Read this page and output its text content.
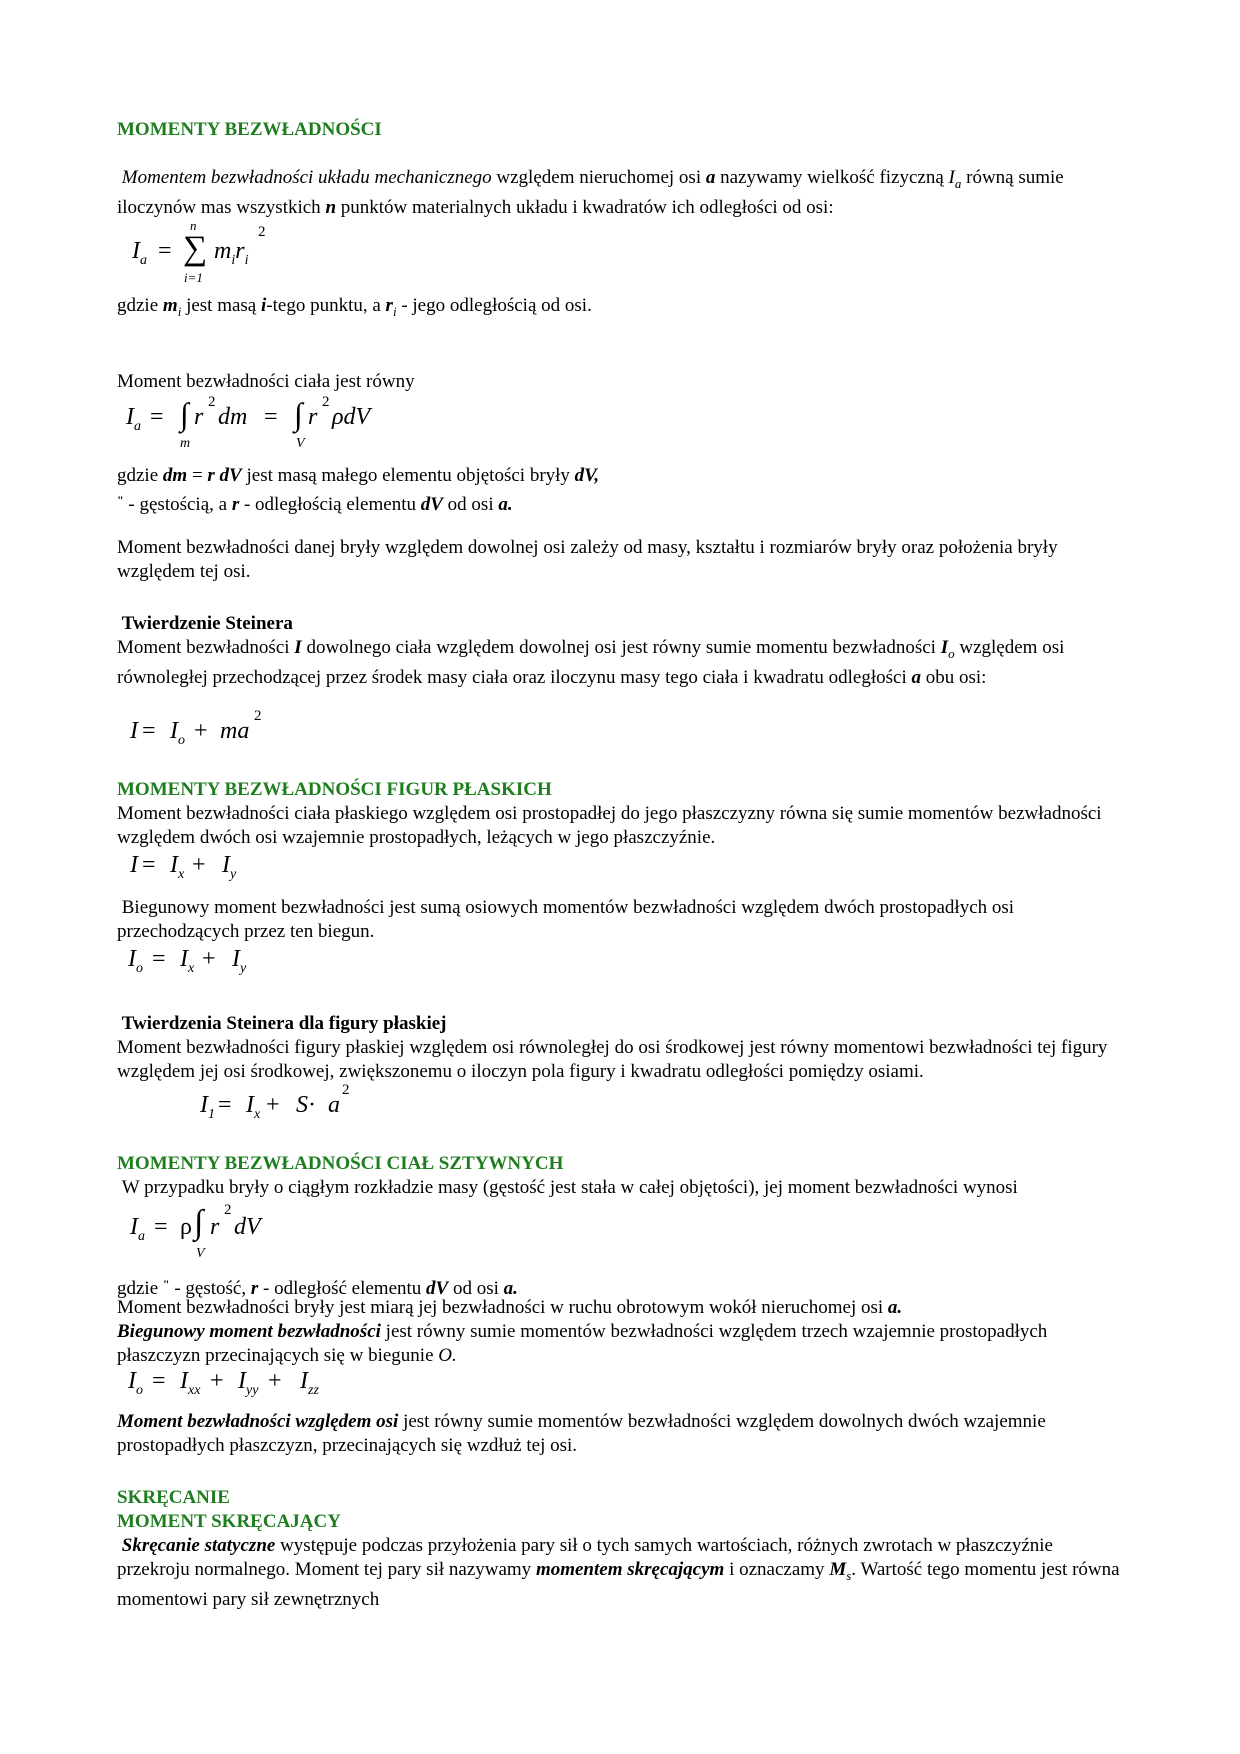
MOMENTY BEZWŁADNOŚCI
Momentem bezwładności układu mechanicznego względem nieruchomej osi a nazywamy wielkość fizyczną $I_a$ równą sumie iloczynów mas wszystkich n punktów materialnych układu i kwadratów ich odległości od osi:
$I_a$ = ∑
n
i=1
$m_ir_i$
2
gdzie $m_i$ jest masą i-tego punktu, a $r_i$ - jego odległością od osi.
Moment bezwładności ciała jest równy
$I_a$ = ∫ r
2
dm = ∫ r
2
ρdV
m	V
gdzie dm = r dV jest masą małego elementu objętości bryły dV,
" - gęstością, a r - odległością elementu dV od osi a.
Moment bezwładności danej bryły względem dowolnej osi zależy od masy, kształtu i rozmiarów bryły oraz położenia bryły względem tej osi.
Twierdzenie Steinera
Moment bezwładności I dowolnego ciała względem dowolnej osi jest równy sumie momentu bezwładności $I_o$ względem osi równoległej przechodzącej przez środek masy ciała oraz iloczynu masy tego ciała i kwadratu odległości a obu osi:
$I = I_o$ + ma
2
MOMENTY BEZWŁADNOŚCI FIGUR PŁASKICH
Moment bezwładności ciała płaskiego względem osi prostopadłej do jego płaszczyzny równa się sumie momentów bezwładności względem dwóch osi wzajemnie prostopadłych, leżących w jego płaszczyźnie.
$I = I_x + I_y$
Biegunowy moment bezwładności jest sumą osiowych momentów bezwładności względem dwóch prostopadłych osi przechodzących przez ten biegun.
$I_o = I_x + I_y$
Twierdzenia Steinera dla figury płaskiej
Moment bezwładności figury płaskiej względem osi równoległej do osi środkowej jest równy momentowi bezwładności tej figury względem jej osi środkowej, zwiększonemu o iloczyn pola figury i kwadratu odległości pomiędzy osiami.
$I_1 = I_x + S \cdot a$
2
MOMENTY BEZWŁADNOŚCI CIAŁ SZTYWNYCH
W przypadku bryły o ciągłym rozkładzie masy (gęstość jest stała w całej objętości), jej moment bezwładności wynosi
$I_a = \rho$ ∫ r
2
dV
V
gdzie " - gęstość, r - odległość elementu dV od osi a.
Moment bezwładności bryły jest miarą jej bezwładności w ruchu obrotowym wokół nieruchomej osi a.
Biegunowy moment bezwładności jest równy sumie momentów bezwładności względem trzech wzajemnie prostopadłych płaszczyzn przecinających się w biegunie O.
$I_o = I_{xx} + I_{yy} + I_{zz}$
Moment bezwładności względem osi jest równy sumie momentów bezwładności względem dowolnych dwóch wzajemnie prostopadłych płaszczyzn, przecinających się wzdłuż tej osi.
SKRĘCANIE
MOMENT SKRĘCAJĄCY
Skręcanie statyczne występuje podczas przyłożenia pary sił o tych samych wartościach, różnych zwrotach w płaszczyźnie przekroju normalnego. Moment tej pary sił nazywamy momentem skręcającym i oznaczamy $M_s$. Wartość tego momentu jest równa momentowi pary sił zewnętrznych
